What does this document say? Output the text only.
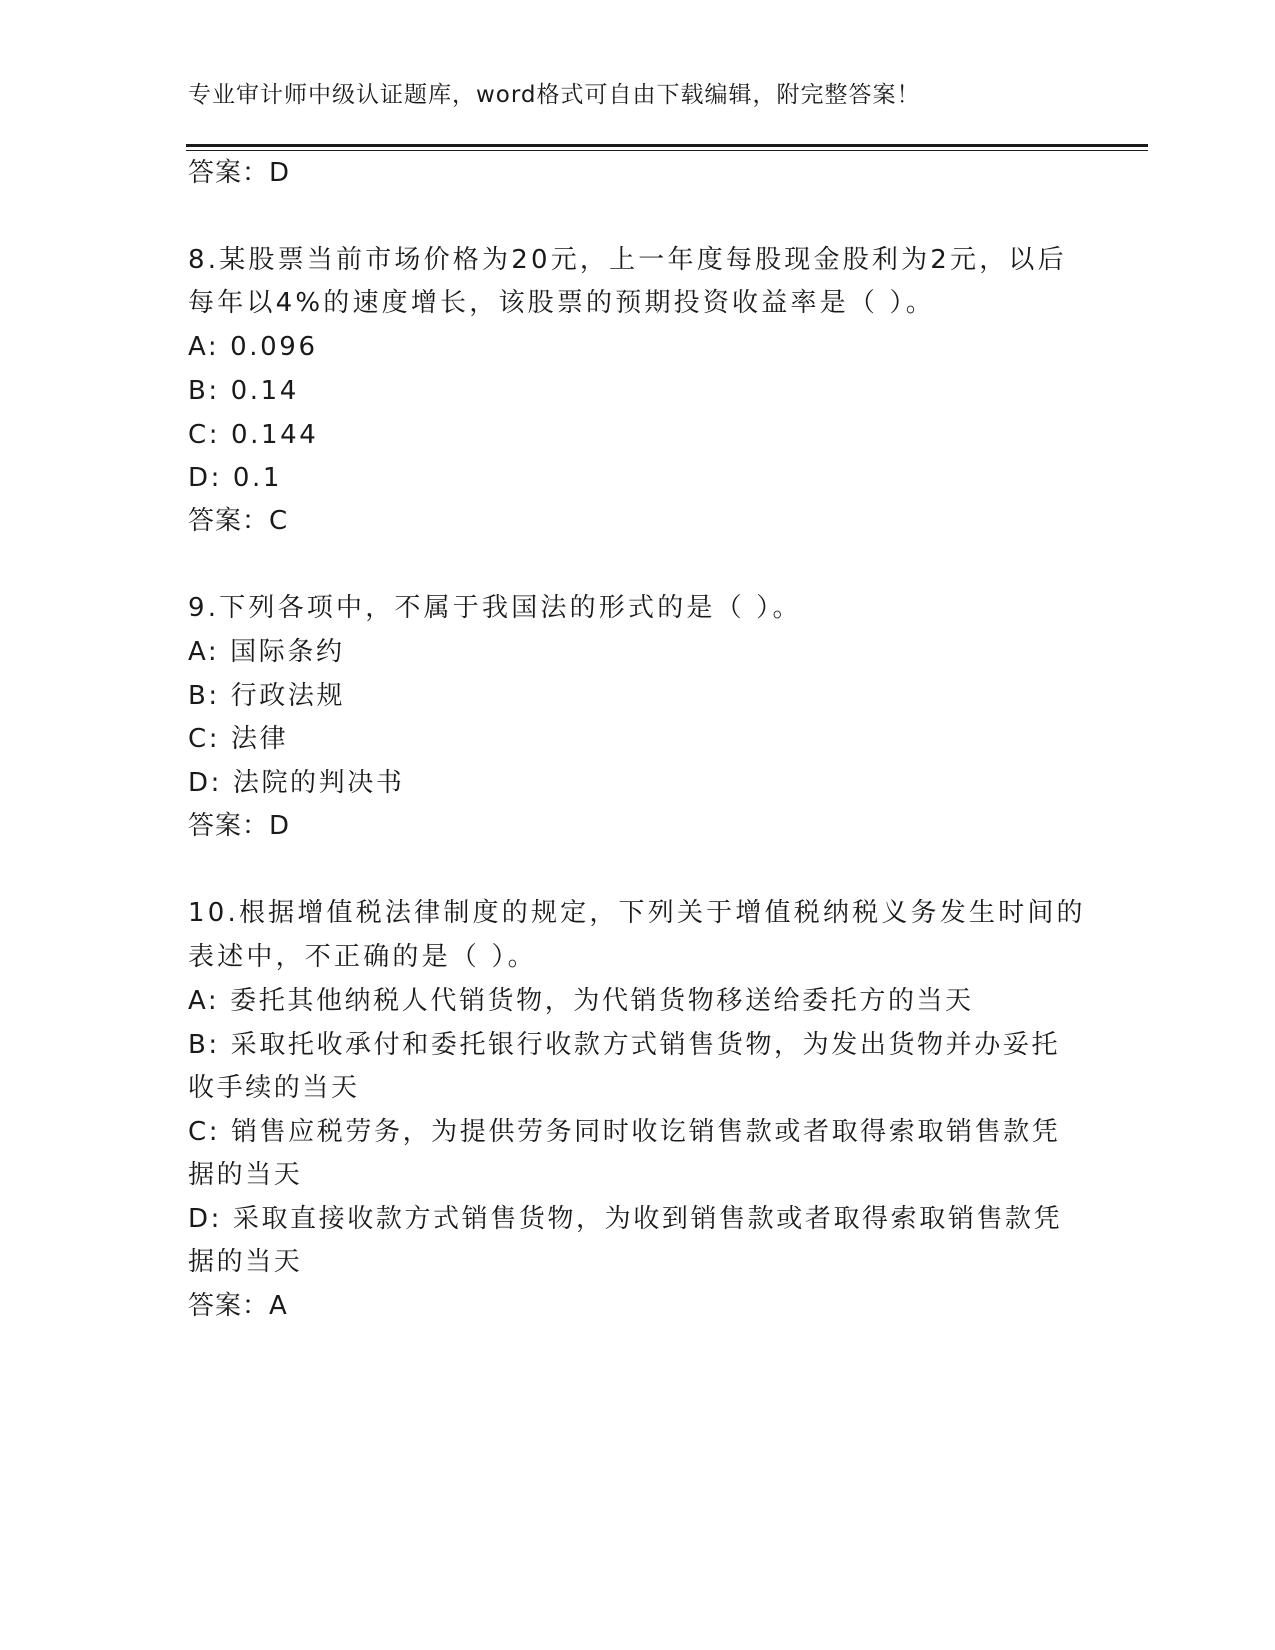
专业审计师中级认证题库，word格式可自由下载编辑，附完整答案！
答案：D
8.某股票当前市场价格为20元，上一年度每股现金股利为2元，以后
每年以4%的速度增长，该股票的预期投资收益率是（ ）。
A: 0.096
B: 0.14
C: 0.144
D: 0.1
答案：C
9.下列各项中，不属于我国法的形式的是（ ）。
A: 国际条约
B: 行政法规
C: 法律
D: 法院的判决书
答案：D
10.根据增值税法律制度的规定，下列关于增值税纳税义务发生时间的
表述中，不正确的是（ ）。
A: 委托其他纳税人代销货物，为代销货物移送给委托方的当天
B: 采取托收承付和委托银行收款方式销售货物，为发出货物并办妥托
收手续的当天
C: 销售应税劳务，为提供劳务同时收讫销售款或者取得索取销售款凭
据的当天
D: 采取直接收款方式销售货物，为收到销售款或者取得索取销售款凭
据的当天
答案：A
